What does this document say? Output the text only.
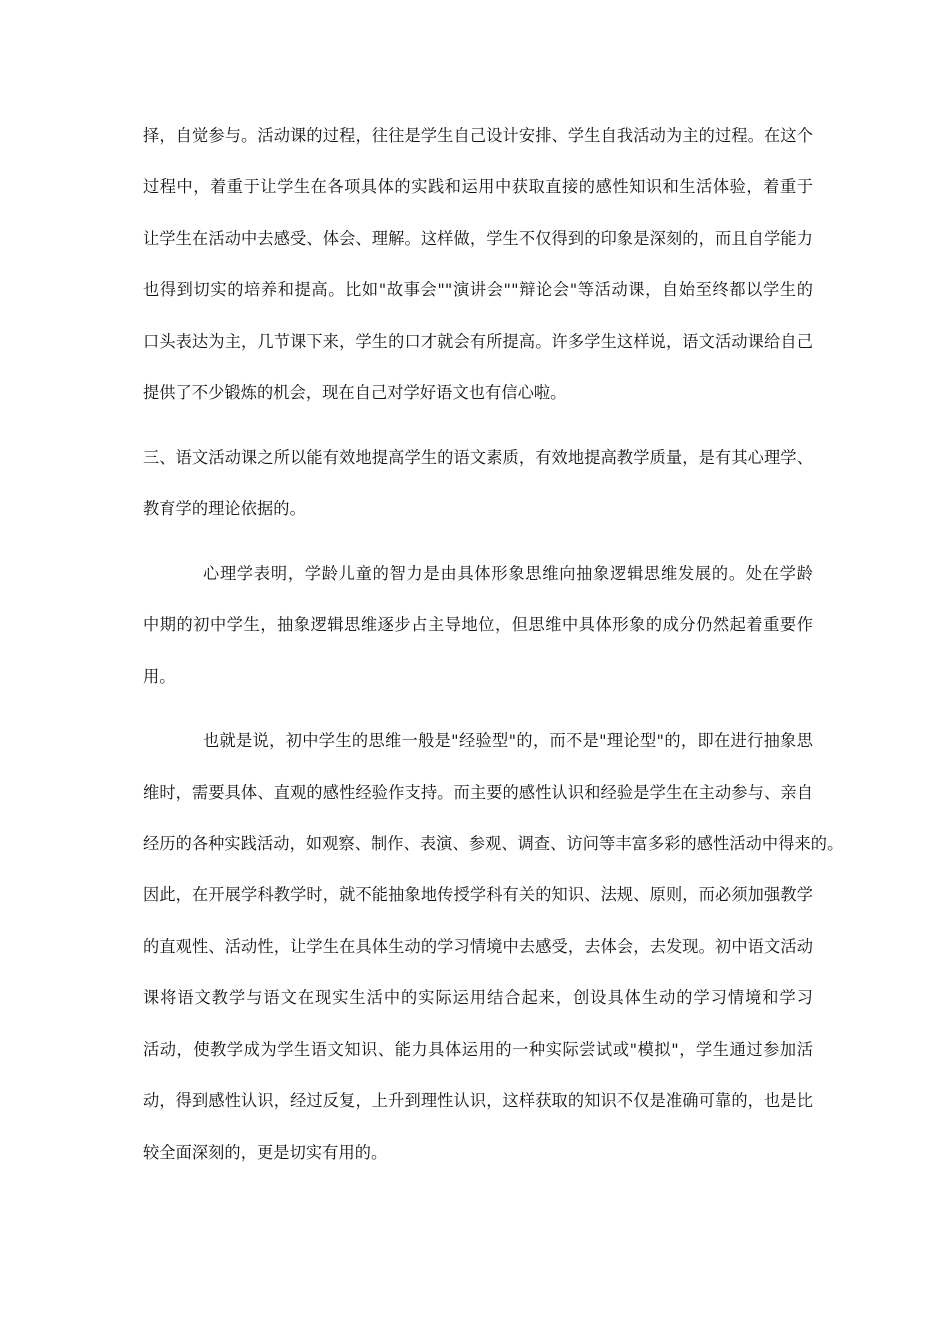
择，自觉参与。活动课的过程，往往是学生自己设计安排、学生自我活动为主的过程。在这个
过程中，着重于让学生在各项具体的实践和运用中获取直接的感性知识和生活体验，着重于
让学生在活动中去感受、体会、理解。这样做，学生不仅得到的印象是深刻的，而且自学能力
也得到切实的培养和提高。比如"故事会""演讲会""辩论会"等活动课，自始至终都以学生的
口头表达为主，几节课下来，学生的口才就会有所提高。许多学生这样说，语文活动课给自己
提供了不少锻炼的机会，现在自己对学好语文也有信心啦。
三、语文活动课之所以能有效地提高学生的语文素质，有效地提高教学质量，是有其心理学、
教育学的理论依据的。
心理学表明，学龄儿童的智力是由具体形象思维向抽象逻辑思维发展的。处在学龄
中期的初中学生，抽象逻辑思维逐步占主导地位，但思维中具体形象的成分仍然起着重要作
用。
也就是说，初中学生的思维一般是"经验型"的，而不是"理论型"的，即在进行抽象思
维时，需要具体、直观的感性经验作支持。而主要的感性认识和经验是学生在主动参与、亲自
经历的各种实践活动，如观察、制作、表演、参观、调查、访问等丰富多彩的感性活动中得来的。
因此，在开展学科教学时，就不能抽象地传授学科有关的知识、法规、原则，而必须加强教学
的直观性、活动性，让学生在具体生动的学习情境中去感受，去体会，去发现。初中语文活动
课将语文教学与语文在现实生活中的实际运用结合起来，创设具体生动的学习情境和学习
活动，使教学成为学生语文知识、能力具体运用的一种实际尝试或"模拟"，学生通过参加活
动，得到感性认识，经过反复，上升到理性认识，这样获取的知识不仅是准确可靠的，也是比
较全面深刻的，更是切实有用的。
